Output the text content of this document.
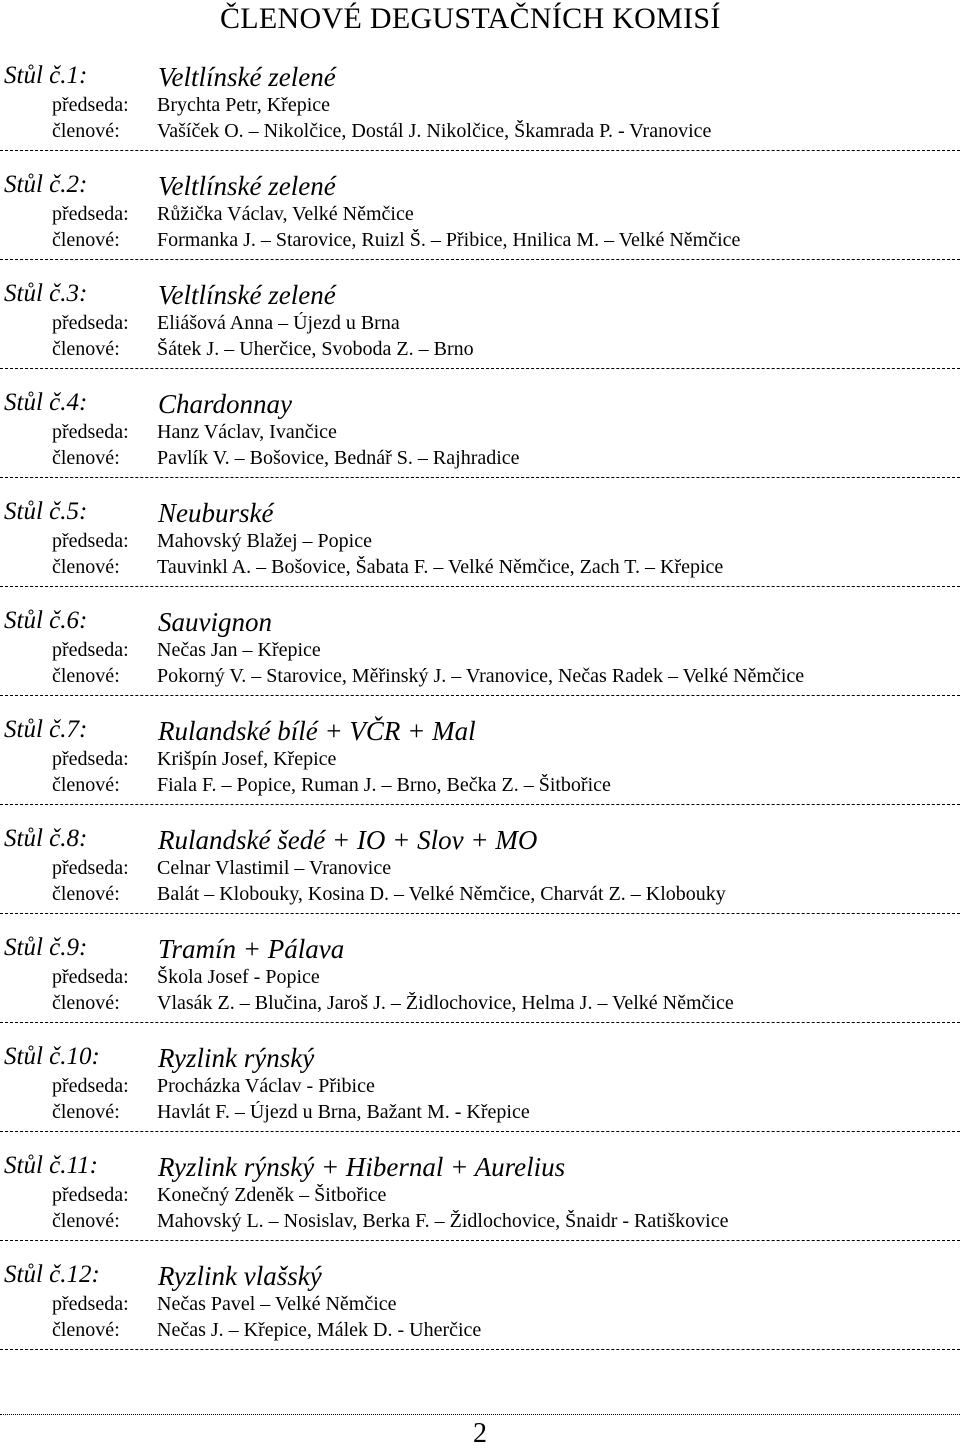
ČLENOVÉ DEGUSTAČNÍCH KOMISÍ
Stůl č.1:	Veltlínské zelené
předseda: Brychta Petr, Křepice
členové: Vašíček O. – Nikolčice, Dostál J. Nikolčice, Škamrada P. - Vranovice
Stůl č.2:	Veltlínské zelené
předseda: Růžička Václav, Velké Němčice
členové: Formanka J. – Starovice, Ruizl Š. – Přibice, Hnilica M. – Velké Němčice
Stůl č.3:	Veltlínské zelené
předseda: Eliášová Anna – Újezd u Brna
členové: Šátek J. – Uherčice, Svoboda Z. – Brno
Stůl č.4:	Chardonnay
předseda: Hanz Václav, Ivančice
členové: Pavlík V. – Bošovice, Bednář S. – Rajhradice
Stůl č.5:	Neuburské
předseda: Mahovský Blažej – Popice
členové: Tauvinkl A. – Bošovice, Šabata F. – Velké Němčice, Zach T. – Křepice
Stůl č.6:	Sauvignon
předseda: Nečas Jan – Křepice
členové: Pokorný V. – Starovice, Měřinský J. – Vranovice, Nečas Radek – Velké Němčice
Stůl č.7:	Rulandské bílé + VČR + Mal
předseda: Krišpín Josef, Křepice
členové: Fiala F. – Popice, Ruman J. – Brno, Bečka Z. – Šitbořice
Stůl č.8:	Rulandské šedé + IO + Slov + MO
předseda: Celnar Vlastimil – Vranovice
členové: Balát – Klobouky, Kosina D. – Velké Němčice, Charvát Z. – Klobouky
Stůl č.9:	Tramín + Pálava
předseda: Škola Josef - Popice
členové: Vlasák Z. – Blučina, Jaroš J. – Židlochovice, Helma J. – Velké Němčice
Stůl č.10: Ryzlink rýnský
předseda: Procházka Václav - Přibice
členové: Havlát F. – Újezd u Brna, Bažant M. - Křepice
Stůl č.11: Ryzlink rýnský + Hibernal + Aurelius
předseda: Konečný Zdeněk – Šitbořice
členové: Mahovský L. – Nosislav, Berka F. – Židlochovice, Šnaidr - Ratiškovice
Stůl č.12: Ryzlink vlašský
předseda: Nečas Pavel – Velké Němčice
členové: Nečas J. – Křepice, Málek D. - Uherčice
2
